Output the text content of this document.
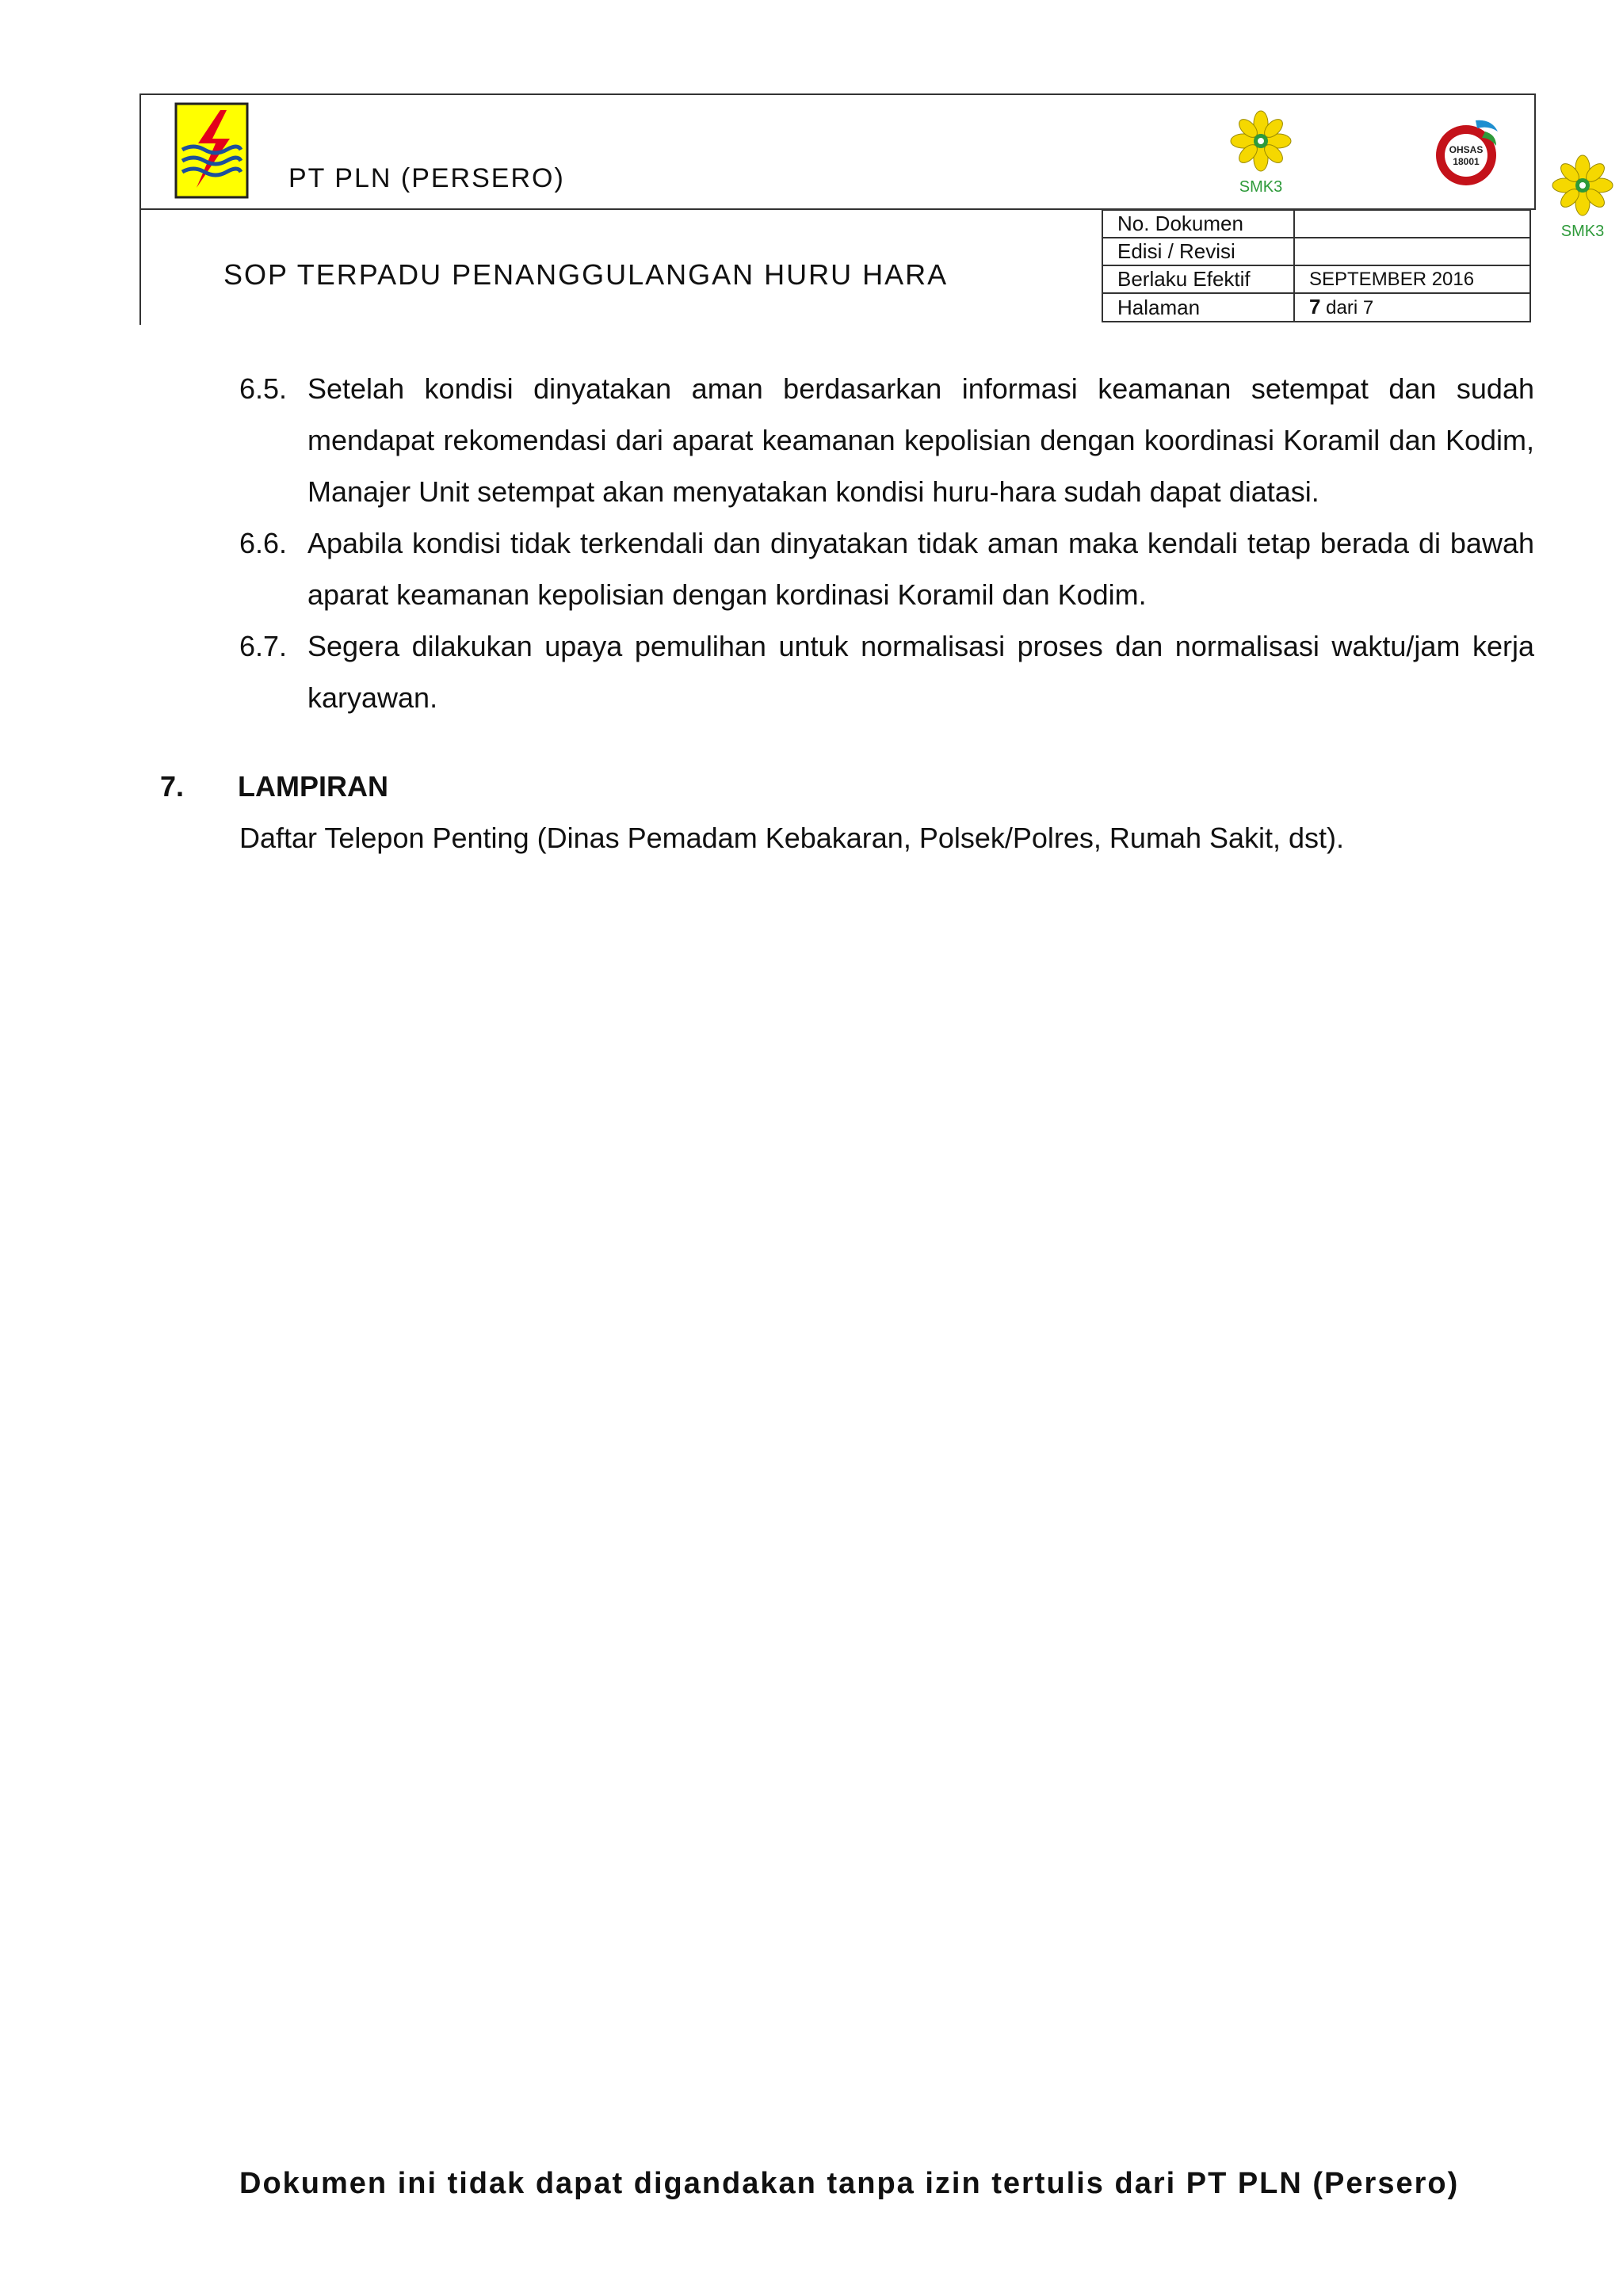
PT PLN (PERSERO)
SOP TERPADU PENANGGULANGAN HURU HARA
SMK3
OHSAS
18001
SMK3
No. Dokumen	
Edisi / Revisi	
Berlaku Efektif	SEPTEMBER 2016
Halaman	7 dari 7
6.5. Setelah kondisi dinyatakan aman berdasarkan informasi keamanan setempat dan sudah mendapat rekomendasi dari aparat keamanan kepolisian dengan koordinasi Koramil dan Kodim, Manajer Unit setempat akan menyatakan kondisi huru-hara sudah dapat diatasi.
6.6. Apabila kondisi tidak terkendali dan dinyatakan tidak aman maka kendali tetap berada di bawah aparat keamanan kepolisian dengan kordinasi Koramil dan Kodim.
6.7. Segera dilakukan upaya pemulihan untuk normalisasi proses dan normalisasi waktu/jam kerja karyawan.
7. LAMPIRAN
Daftar Telepon Penting (Dinas Pemadam Kebakaran, Polsek/Polres, Rumah Sakit, dst).
Dokumen ini tidak dapat digandakan tanpa izin tertulis dari PT PLN (Persero)
